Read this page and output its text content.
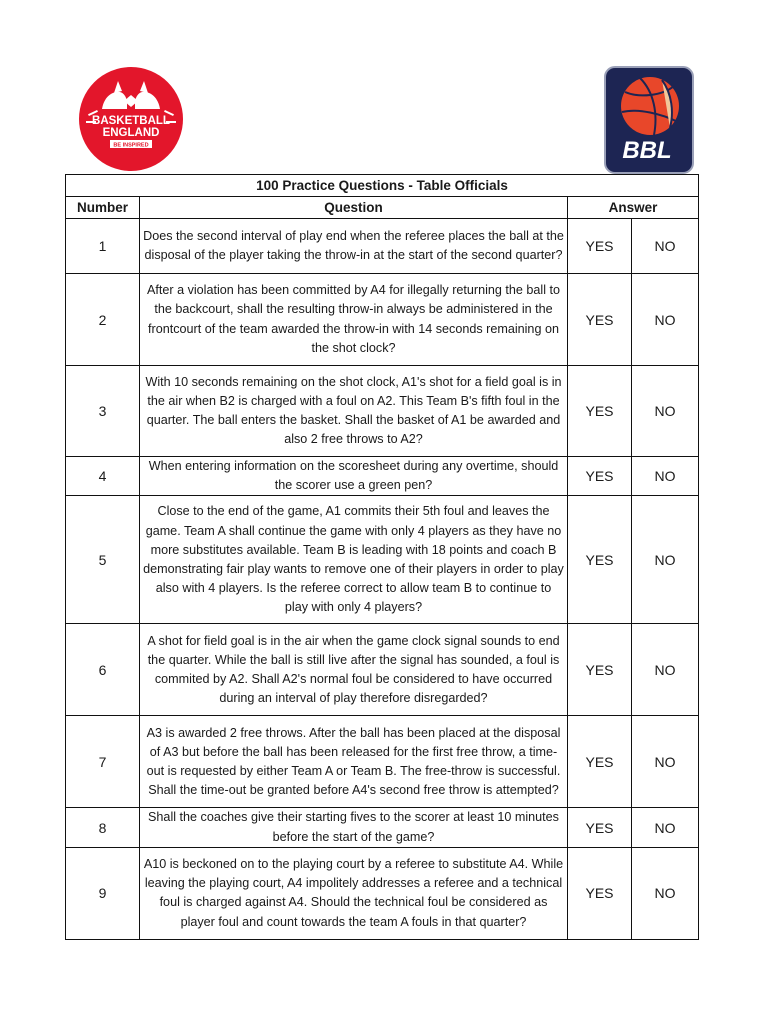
BASKETBALL
ENGLAND
BE INSPIRED	BBL
100 Practice Questions - Table Officials			
Number	Question	Answer	
1	Does the second interval of play end when the referee places the ball at the disposal of the player taking the throw-in at the start of the second quarter?	YES	NO
2	After a violation has been committed by A4 for illegally returning the ball to the backcourt, shall the resulting throw-in always be administered in the frontcourt of the team awarded the throw-in with 14 seconds remaining on the shot clock?	YES	NO
3	With 10 seconds remaining on the shot clock, A1's shot for a field goal is in the air when B2 is charged with a foul on A2. This Team B's fifth foul in the quarter. The ball enters the basket. Shall the basket of A1 be awarded and also 2 free throws to A2?	YES	NO
4	When entering information on the scoresheet during any overtime, should the scorer use a green pen?	YES	NO
5	Close to the end of the game, A1 commits their 5th foul and leaves the game. Team A shall continue the game with only 4 players as they have no more substitutes available. Team B is leading with 18 points and coach B demonstrating fair play wants to remove one of their players in order to play also with 4 players. Is the referee correct to allow team B to continue to play with only 4 players?	YES	NO
6	A shot for field goal is in the air when the game clock signal sounds to end the quarter. While the ball is still live after the signal has sounded, a foul is commited by A2. Shall A2's normal foul be considered to have occurred during an interval of play therefore disregarded?	YES	NO
7	A3 is awarded 2 free throws. After the ball has been placed at the disposal of A3 but before the ball has been released for the first free throw, a time-out is requested by either Team A or Team B. The free-throw is successful. Shall the time-out be granted before A4's second free throw is attempted?	YES	NO
8	Shall the coaches give their starting fives to the scorer at least 10 minutes before the start of the game?	YES	NO
9	A10 is beckoned on to the playing court by a referee to substitute A4. While leaving the playing court, A4 impolitely addresses a referee and a technical foul is charged against A4. Should the technical foul be considered as player foul and count towards the team A fouls in that quarter?	YES	NO
